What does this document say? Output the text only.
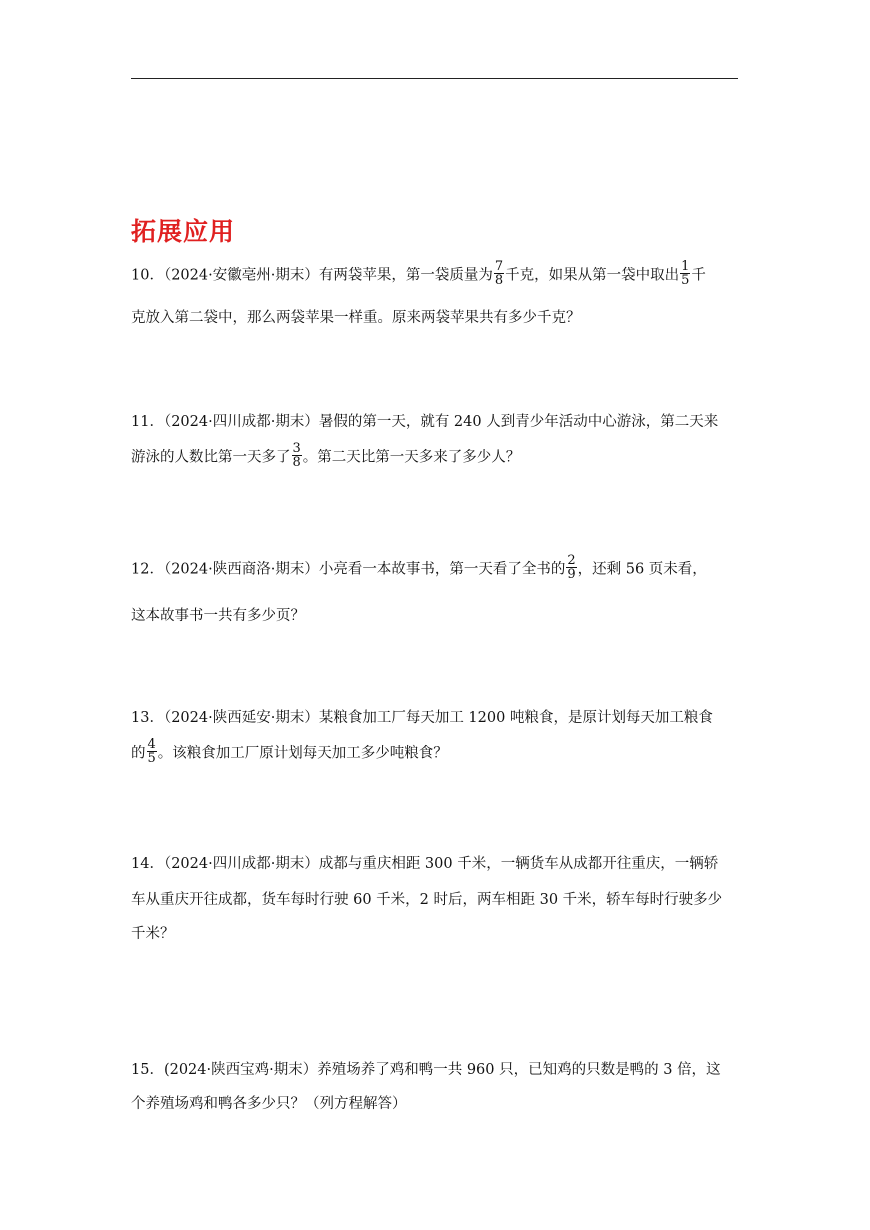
拓展应用
10．（2024·安徽亳州·期末）有两袋苹果，第一袋质量为 $\frac{7}{8}$ 千克，如果从第一袋中取出 $\frac{1}{5}$ 千
克放入第二袋中，那么两袋苹果一样重。原来两袋苹果共有多少千克？
11．（2024·四川成都·期末）暑假的第一天，就有 240 人到青少年活动中心游泳，第二天来
游泳的人数比第一天多了 $\frac{3}{8}$ 。第二天比第一天多来了多少人？
12．（2024·陕西商洛·期末）小亮看一本故事书，第一天看了全书的 $\frac{2}{9}$ ，还剩 56 页未看，
这本故事书一共有多少页？
13．（2024·陕西延安·期末）某粮食加工厂每天加工 1200 吨粮食，是原计划每天加工粮食
的 $\frac{4}{5}$ 。该粮食加工厂原计划每天加工多少吨粮食？
14．（2024·四川成都·期末）成都与重庆相距 300 千米，一辆货车从成都开往重庆，一辆轿
车从重庆开往成都，货车每时行驶 60 千米，2 时后，两车相距 30 千米，轿车每时行驶多少
千米？
15．(2024·陕西宝鸡·期末）养殖场养了鸡和鸭一共 960 只，已知鸡的只数是鸭的 3 倍，这
个养殖场鸡和鸭各多少只？（列方程解答）
